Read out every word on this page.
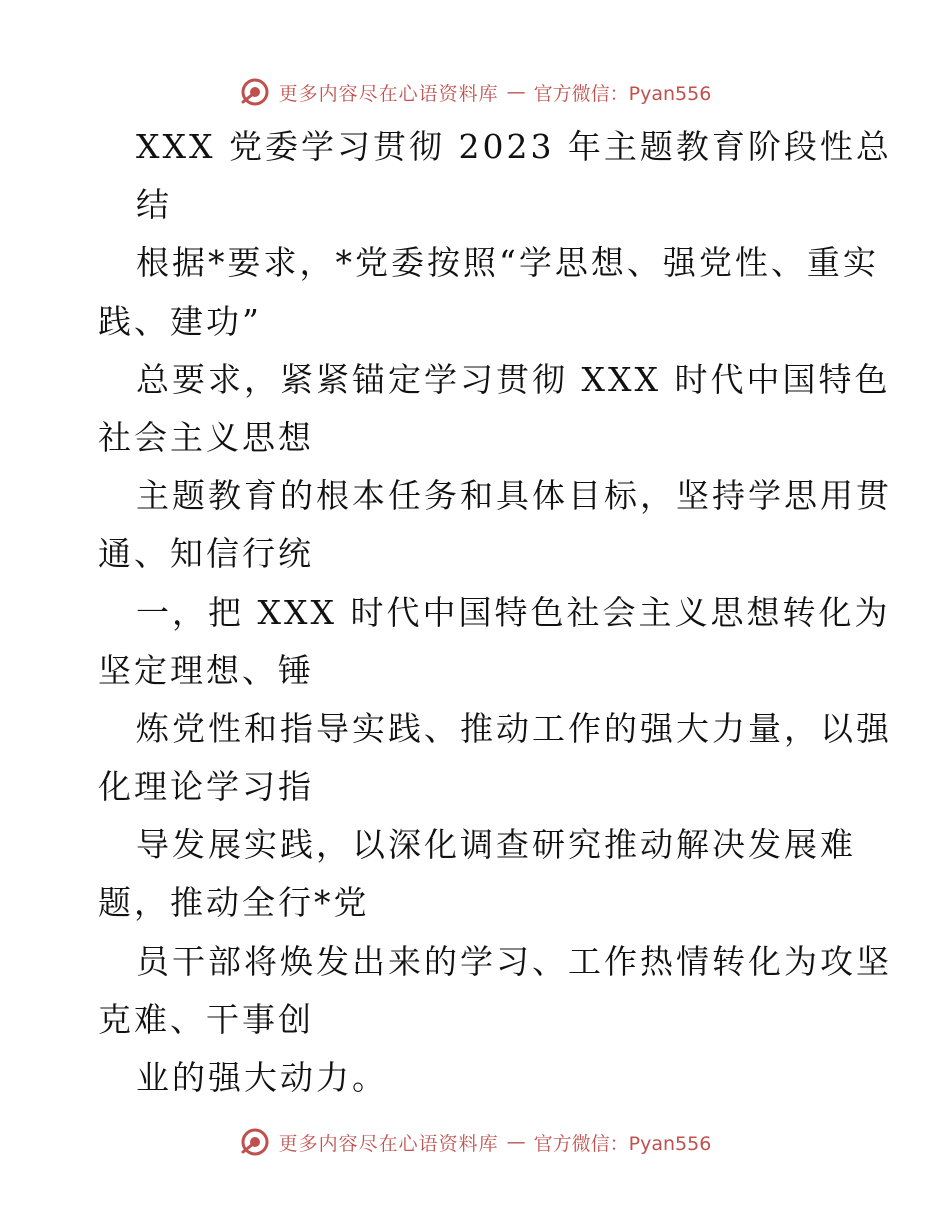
更多内容尽在心语资料库 — 官方微信：Pyan556
XXX 党委学习贯彻 2023 年主题教育阶段性总
结
根据*要求，*党委按照“学思想、强党性、重实
践、建功”
总要求，紧紧锚定学习贯彻 XXX 时代中国特色
社会主义思想
主题教育的根本任务和具体目标，坚持学思用贯
通、知信行统
一，把 XXX 时代中国特色社会主义思想转化为
坚定理想、锤
炼党性和指导实践、推动工作的强大力量，以强
化理论学习指
导发展实践，以深化调查研究推动解决发展难
题，推动全行*党
员干部将焕发出来的学习、工作热情转化为攻坚
克难、干事创
业的强大动力。
更多内容尽在心语资料库 — 官方微信：Pyan556
